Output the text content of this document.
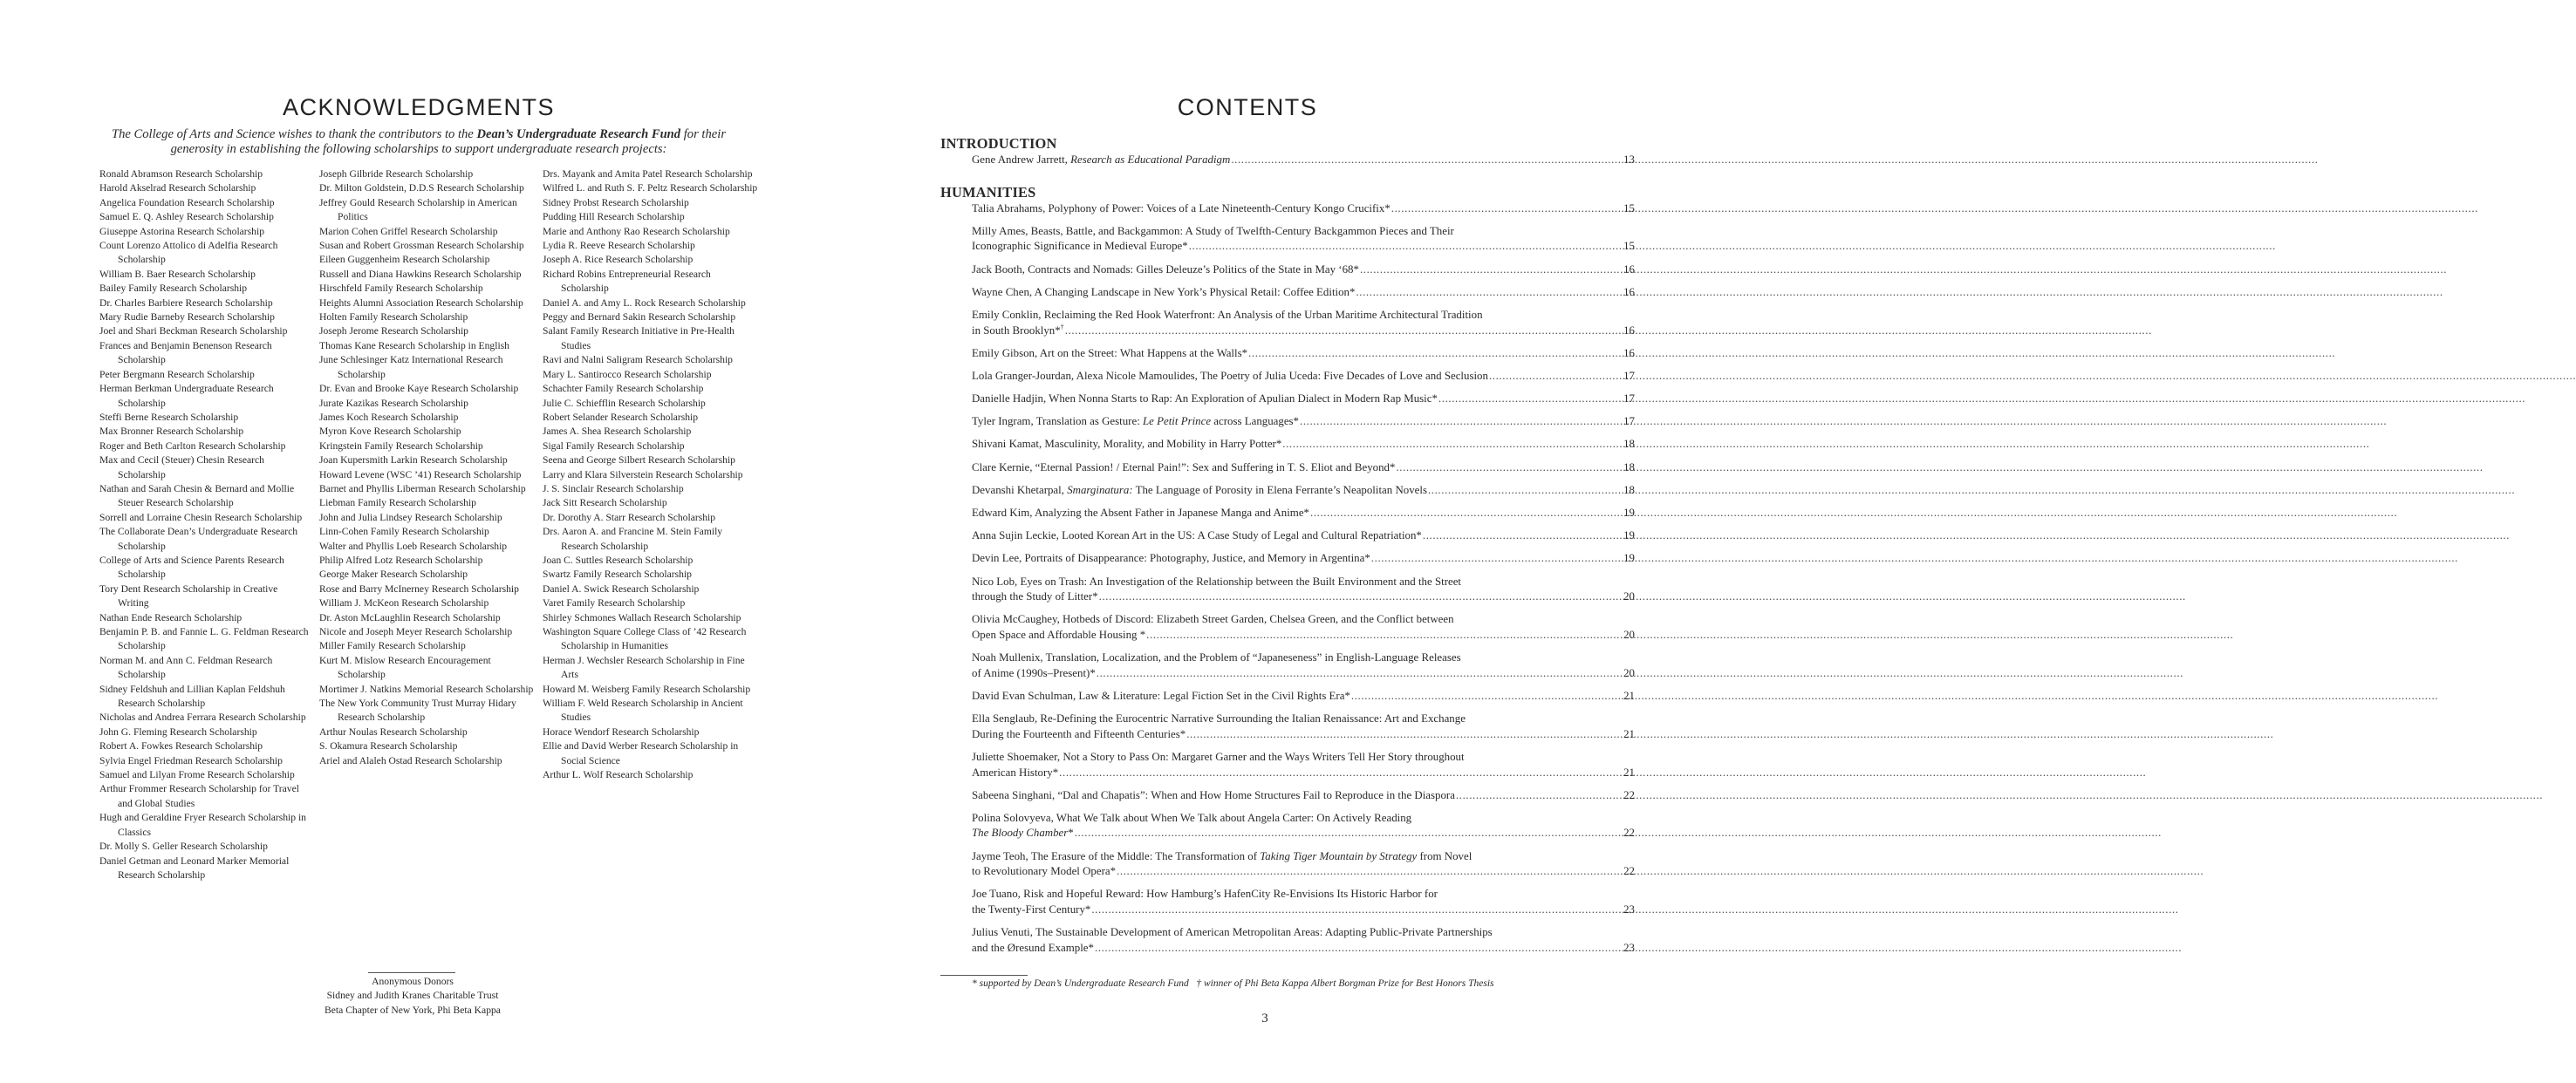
ACKNOWLEDGMENTS

The College of Arts and Science wishes to thank the contributors to the Dean’s Undergraduate Research Fund for their generosity in establishing the following scholarships to support undergraduate research projects:

Ronald Abramson Research Scholarship
Harold Akselrad Research Scholarship
Angelica Foundation Research Scholarship
Samuel E. Q. Ashley Research Scholarship
Giuseppe Astorina Research Scholarship
Count Lorenzo Attolico di Adelfia Research Scholarship
William B. Baer Research Scholarship
Bailey Family Research Scholarship
Dr. Charles Barbiere Research Scholarship
Mary Rudie Barneby Research Scholarship
Joel and Shari Beckman Research Scholarship
Frances and Benjamin Benenson Research Scholarship
Peter Bergmann Research Scholarship
Herman Berkman Undergraduate Research Scholarship
Steffi Berne Research Scholarship
Max Bronner Research Scholarship
Roger and Beth Carlton Research Scholarship
Max and Cecil (Steuer) Chesin Research Scholarship
Nathan and Sarah Chesin & Bernard and Mollie Steuer Research Scholarship
Sorrell and Lorraine Chesin Research Scholarship
The Collaborate Dean’s Undergraduate Research Scholarship
College of Arts and Science Parents Research Scholarship
Tory Dent Research Scholarship in Creative Writing
Nathan Ende Research Scholarship
Benjamin P. B. and Fannie L. G. Feldman Research Scholarship
Norman M. and Ann C. Feldman Research Scholarship
Sidney Feldshuh and Lillian Kaplan Feldshuh Research Scholarship
Nicholas and Andrea Ferrara Research Scholarship
John G. Fleming Research Scholarship
Robert A. Fowkes Research Scholarship
Sylvia Engel Friedman Research Scholarship
Samuel and Lilyan Frome Research Scholarship
Arthur Frommer Research Scholarship for Travel and Global Studies
Hugh and Geraldine Fryer Research Scholarship in Classics
Dr. Molly S. Geller Research Scholarship
Daniel Getman and Leonard Marker Memorial Research Scholarship
Joseph Gilbride Research Scholarship
Dr. Milton Goldstein, D.D.S Research Scholarship
Jeffrey Gould Research Scholarship in American Politics
Marion Cohen Griffel Research Scholarship
Susan and Robert Grossman Research Scholarship
Eileen Guggenheim Research Scholarship
Russell and Diana Hawkins Research Scholarship
Hirschfeld Family Research Scholarship
Heights Alumni Association Research Scholarship
Holten Family Research Scholarship
Joseph Jerome Research Scholarship
Thomas Kane Research Scholarship in English
June Schlesinger Katz International Research Scholarship
Dr. Evan and Brooke Kaye Research Scholarship
Jurate Kazikas Research Scholarship
James Koch Research Scholarship
Myron Kove Research Scholarship
Kringstein Family Research Scholarship
Joan Kupersmith Larkin Research Scholarship
Howard Levene (WSC ’41) Research Scholarship
Barnet and Phyllis Liberman Research Scholarship
Liebman Family Research Scholarship
John and Julia Lindsey Research Scholarship
Linn-Cohen Family Research Scholarship
Walter and Phyllis Loeb Research Scholarship
Philip Alfred Lotz Research Scholarship
George Maker Research Scholarship
Rose and Barry McInerney Research Scholarship
William J. McKeon Research Scholarship
Dr. Aston McLaughlin Research Scholarship
Nicole and Joseph Meyer Research Scholarship
Miller Family Research Scholarship
Kurt M. Mislow Research Encouragement Scholarship
Mortimer J. Natkins Memorial Research Scholarship
The New York Community Trust Murray Hidary Research Scholarship
Arthur Noulas Research Scholarship
S. Okamura Research Scholarship
Ariel and Alaleh Ostad Research Scholarship
Drs. Mayank and Amita Patel Research Scholarship
Wilfred L. and Ruth S. F. Peltz Research Scholarship
Sidney Probst Research Scholarship
Pudding Hill Research Scholarship
Marie and Anthony Rao Research Scholarship
Lydia R. Reeve Research Scholarship
Joseph A. Rice Research Scholarship
Richard Robins Entrepreneurial Research Scholarship
Daniel A. and Amy L. Rock Research Scholarship
Peggy and Bernard Sakin Research Scholarship
Salant Family Research Initiative in Pre-Health Studies
Ravi and Nalni Saligram Research Scholarship
Mary L. Santirocco Research Scholarship
Schachter Family Research Scholarship
Julie C. Schiefflin Research Scholarship
Robert Selander Research Scholarship
James A. Shea Research Scholarship
Sigal Family Research Scholarship
Seena and George Silbert Research Scholarship
Larry and Klara Silverstein Research Scholarship
J. S. Sinclair Research Scholarship
Jack Sitt Research Scholarship
Dr. Dorothy A. Starr Research Scholarship
Drs. Aaron A. and Francine M. Stein Family Research Scholarship
Joan C. Suttles Research Scholarship
Swartz Family Research Scholarship
Daniel A. Swick Research Scholarship
Varet Family Research Scholarship
Shirley Schmones Wallach Research Scholarship
Washington Square College Class of ’42 Research Scholarship in Humanities
Herman J. Wechsler Research Scholarship in Fine Arts
Howard M. Weisberg Family Research Scholarship
William F. Weld Research Scholarship in Ancient Studies
Horace Wendorf Research Scholarship
Ellie and David Werber Research Scholarship in Social Science
Arthur L. Wolf Research Scholarship
Anonymous Donors
Sidney and Judith Kranes Charitable Trust
Beta Chapter of New York, Phi Beta Kappa
CONTENTS
INTRODUCTION
Gene Andrew Jarrett, Research as Educational Paradigm .....	13
HUMANITIES
Talia Abrahams, Polyphony of Power: Voices of a Late Nineteenth-Century Kongo Crucifix* .....	15
Milly Ames, Beasts, Battle, and Backgammon: A Study of Twelfth-Century Backgammon Pieces and Their
Iconographic Significance in Medieval Europe* .....	15
Jack Booth, Contracts and Nomads: Gilles Deleuze’s Politics of the State in May ‘68* .....	16
Wayne Chen, A Changing Landscape in New York’s Physical Retail: Coffee Edition* .....	16
Emily Conklin, Reclaiming the Red Hook Waterfront: An Analysis of the Urban Maritime Architectural Tradition
in South Brooklyn*† .....	16
Emily Gibson, Art on the Street: What Happens at the Walls* .....	16
Lola Granger-Jourdan, Alexa Nicole Mamoulides, The Poetry of Julia Uceda: Five Decades of Love and Seclusion .....	17
Danielle Hadjin, When Nonna Starts to Rap: An Exploration of Apulian Dialect in Modern Rap Music* .....	17
Tyler Ingram, Translation as Gesture: Le Petit Prince across Languages* .....	17
Shivani Kamat, Masculinity, Morality, and Mobility in Harry Potter* .....	18
Clare Kernie, “Eternal Passion! / Eternal Pain!”: Sex and Suffering in T. S. Eliot and Beyond* .....	18
Devanshi Khetarpal, Smarginatura: The Language of Porosity in Elena Ferrante’s Neapolitan Novels .....	18
Edward Kim, Analyzing the Absent Father in Japanese Manga and Anime* .....	19
Anna Sujin Leckie, Looted Korean Art in the US: A Case Study of Legal and Cultural Repatriation* .....	19
Devin Lee, Portraits of Disappearance: Photography, Justice, and Memory in Argentina* .....	19
Nico Lob, Eyes on Trash: An Investigation of the Relationship between the Built Environment and the Street
through the Study of Litter* .....	20
Olivia McCaughey, Hotbeds of Discord: Elizabeth Street Garden, Chelsea Green, and the Conflict between
Open Space and Affordable Housing * .....	20
Noah Mullenix, Translation, Localization, and the Problem of “Japaneseness” in English-Language Releases
of Anime (1990s–Present)* .....	20
David Evan Schulman, Law & Literature: Legal Fiction Set in the Civil Rights Era* .....	21
Ella Senglaub, Re-Defining the Eurocentric Narrative Surrounding the Italian Renaissance: Art and Exchange
During the Fourteenth and Fifteenth Centuries* .....	21
Juliette Shoemaker, Not a Story to Pass On: Margaret Garner and the Ways Writers Tell Her Story throughout
American History* .....	21
Sabeena Singhani, “Dal and Chapatis”: When and How Home Structures Fail to Reproduce in the Diaspora .....	22
Polina Solovyeva, What We Talk about When We Talk about Angela Carter: On Actively Reading
The Bloody Chamber* .....	22
Jayme Teoh, The Erasure of the Middle: The Transformation of Taking Tiger Mountain by Strategy from Novel
to Revolutionary Model Opera* .....	22
Joe Tuano, Risk and Hopeful Reward: How Hamburg’s HafenCity Re-Envisions Its Historic Harbor for
the Twenty-First Century* .....	23
Julius Venuti, The Sustainable Development of American Metropolitan Areas: Adapting Public-Private Partnerships
and the Øresund Example* .....	23

* supported by Dean’s Undergraduate Research Fund   † winner of Phi Beta Kappa Albert Borgman Prize for Best Honors Thesis

3
